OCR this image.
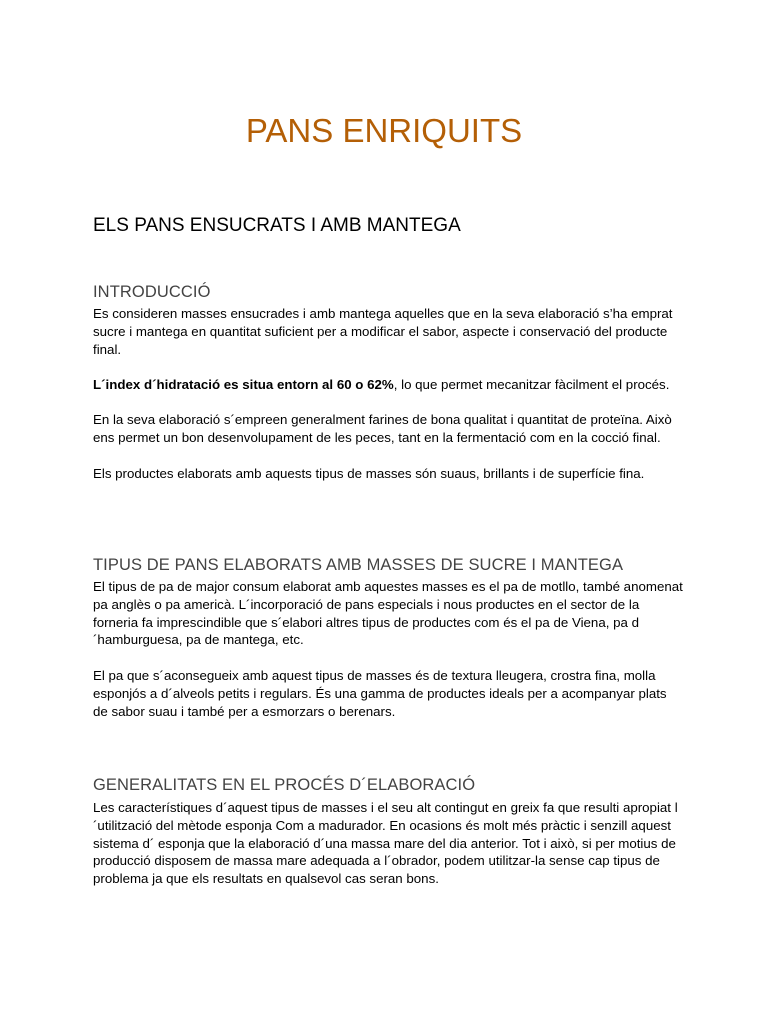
PANS ENRIQUITS
ELS PANS ENSUCRATS I AMB MANTEGA
INTRODUCCIÓ

Es consideren masses ensucrades i amb mantega aquelles que en la seva elaboració s’ha emprat sucre i mantega en quantitat suficient per a modificar el sabor, aspecte i conservació del producte final.

L´index d´hidratació es situa entorn al 60 o 62%, lo que permet mecanitzar fàcilment el procés.

En la seva elaboració s´empreen generalment farines de bona qualitat i quantitat de proteïna. Això ens permet un bon desenvolupament de les peces, tant en la fermentació com en la cocció final.

Els productes elaborats amb aquests tipus de masses són suaus, brillants i de superfície fina.

TIPUS DE PANS ELABORATS AMB MASSES DE SUCRE I MANTEGA

El tipus de pa de major consum elaborat amb aquestes masses es el pa de motllo, també anomenat pa anglès o pa americà. L´incorporació de pans especials i nous productes en el sector de la forneria fa imprescindible que s´elabori altres tipus de productes com és el pa de Viena, pa d´hamburguesa, pa de mantega, etc.

El pa que s´aconsegueix amb aquest tipus de masses és de textura lleugera, crostra fina, molla esponjós a d´alveols petits i regulars. És una gamma de productes ideals per a acompanyar plats de sabor suau i també per a esmorzars o berenars.

GENERALITATS EN EL PROCÉS D´ELABORACIÓ

Les característiques d´aquest tipus de masses i el seu alt contingut en greix fa que resulti apropiat l´utilització del mètode esponja Com a madurador. En ocasions és molt més pràctic i senzill aquest sistema d´ esponja que la elaboració d´una massa mare del dia anterior. Tot i això, si per motius de producció disposem de massa mare adequada a l´obrador, podem utilitzar-la sense cap tipus de problema ja que els resultats en qualsevol cas seran bons.
